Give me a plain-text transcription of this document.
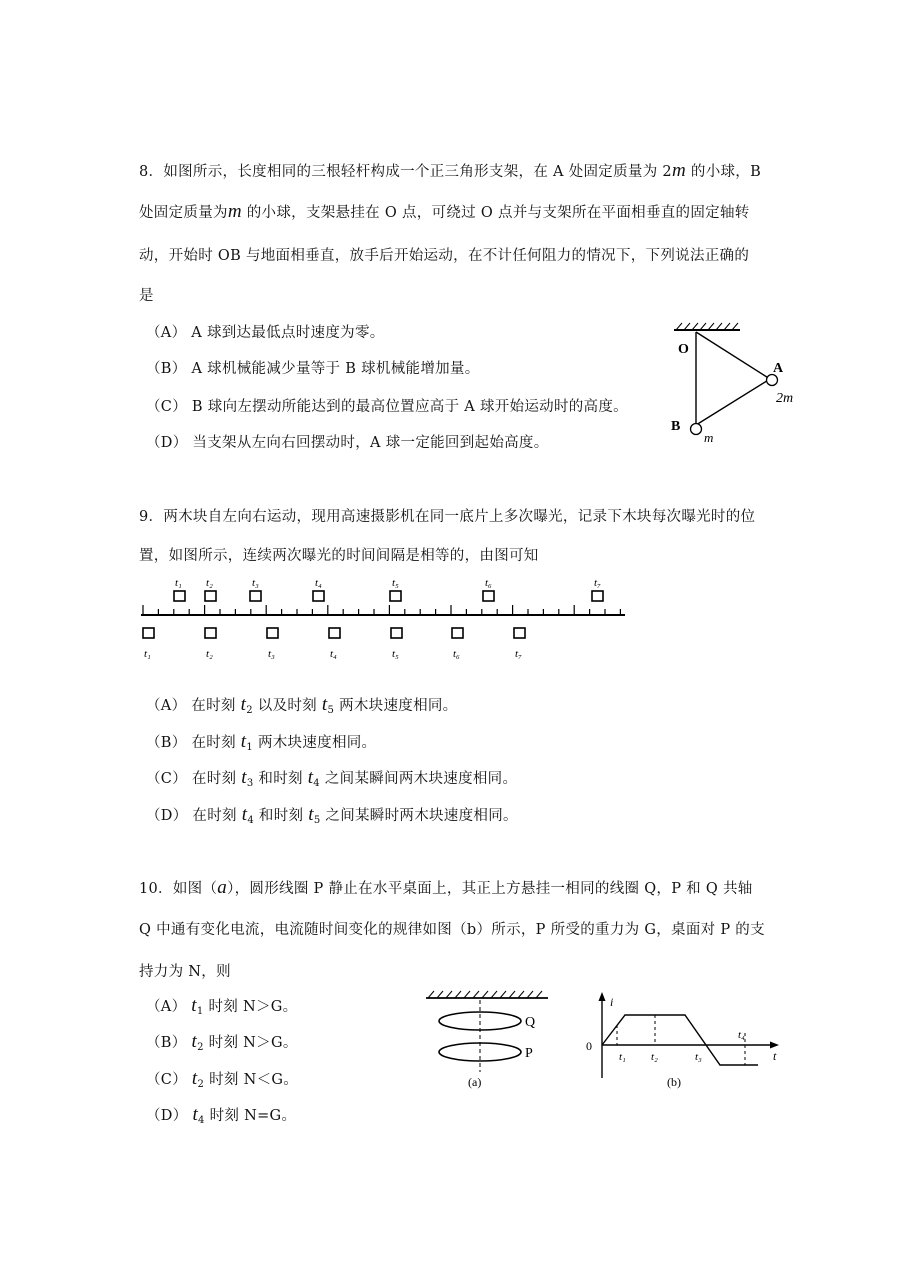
8．如图所示，长度相同的三根轻杆构成一个正三角形支架，在 A 处固定质量为 2m 的小球，B
处固定质量为m 的小球，支架悬挂在 O 点，可绕过 O 点并与支架所在平面相垂直的固定轴转
动，开始时 OB 与地面相垂直，放手后开始运动，在不计任何阻力的情况下，下列说法正确的
是
（A） A 球到达最低点时速度为零。
（B） A 球机械能减少量等于 B 球机械能增加量。
（C） B 球向左摆动所能达到的最高位置应高于 A 球开始运动时的高度。
（D） 当支架从左向右回摆动时，A 球一定能回到起始高度。
O
A
2m
B
m
9．两木块自左向右运动，现用高速摄影机在同一底片上多次曝光，记录下木块每次曝光时的位
置，如图所示，连续两次曝光的时间间隔是相等的，由图可知
t₁ t₂	t₃	t₄	t₅	t₆	t₇
t₁	t₂	t₃	t₄	t₅	t₆	t₇
（A） 在时刻 $t_2$ 以及时刻 $t_5$ 两木块速度相同。
（B） 在时刻 $t_1$ 两木块速度相同。
（C） 在时刻 $t_3$ 和时刻 $t_4$ 之间某瞬间两木块速度相同。
（D） 在时刻 $t_4$ 和时刻 $t_5$ 之间某瞬时两木块速度相同。
10．如图（a），圆形线圈 P 静止在水平桌面上，其正上方悬挂一相同的线圈 Q，P 和 Q 共轴
Q 中通有变化电流，电流随时间变化的规律如图（b）所示，P 所受的重力为 G，桌面对 P 的支
持力为 N，则
（A） $t_1$ 时刻 N＞G。
（B） $t_2$ 时刻 N＞G。
（C） $t_2$ 时刻 N＜G。
（D） $t_4$ 时刻 N=G。
Q
P
(a)
i
t
0
t₁ t₂	t₃
t₄
(b)
